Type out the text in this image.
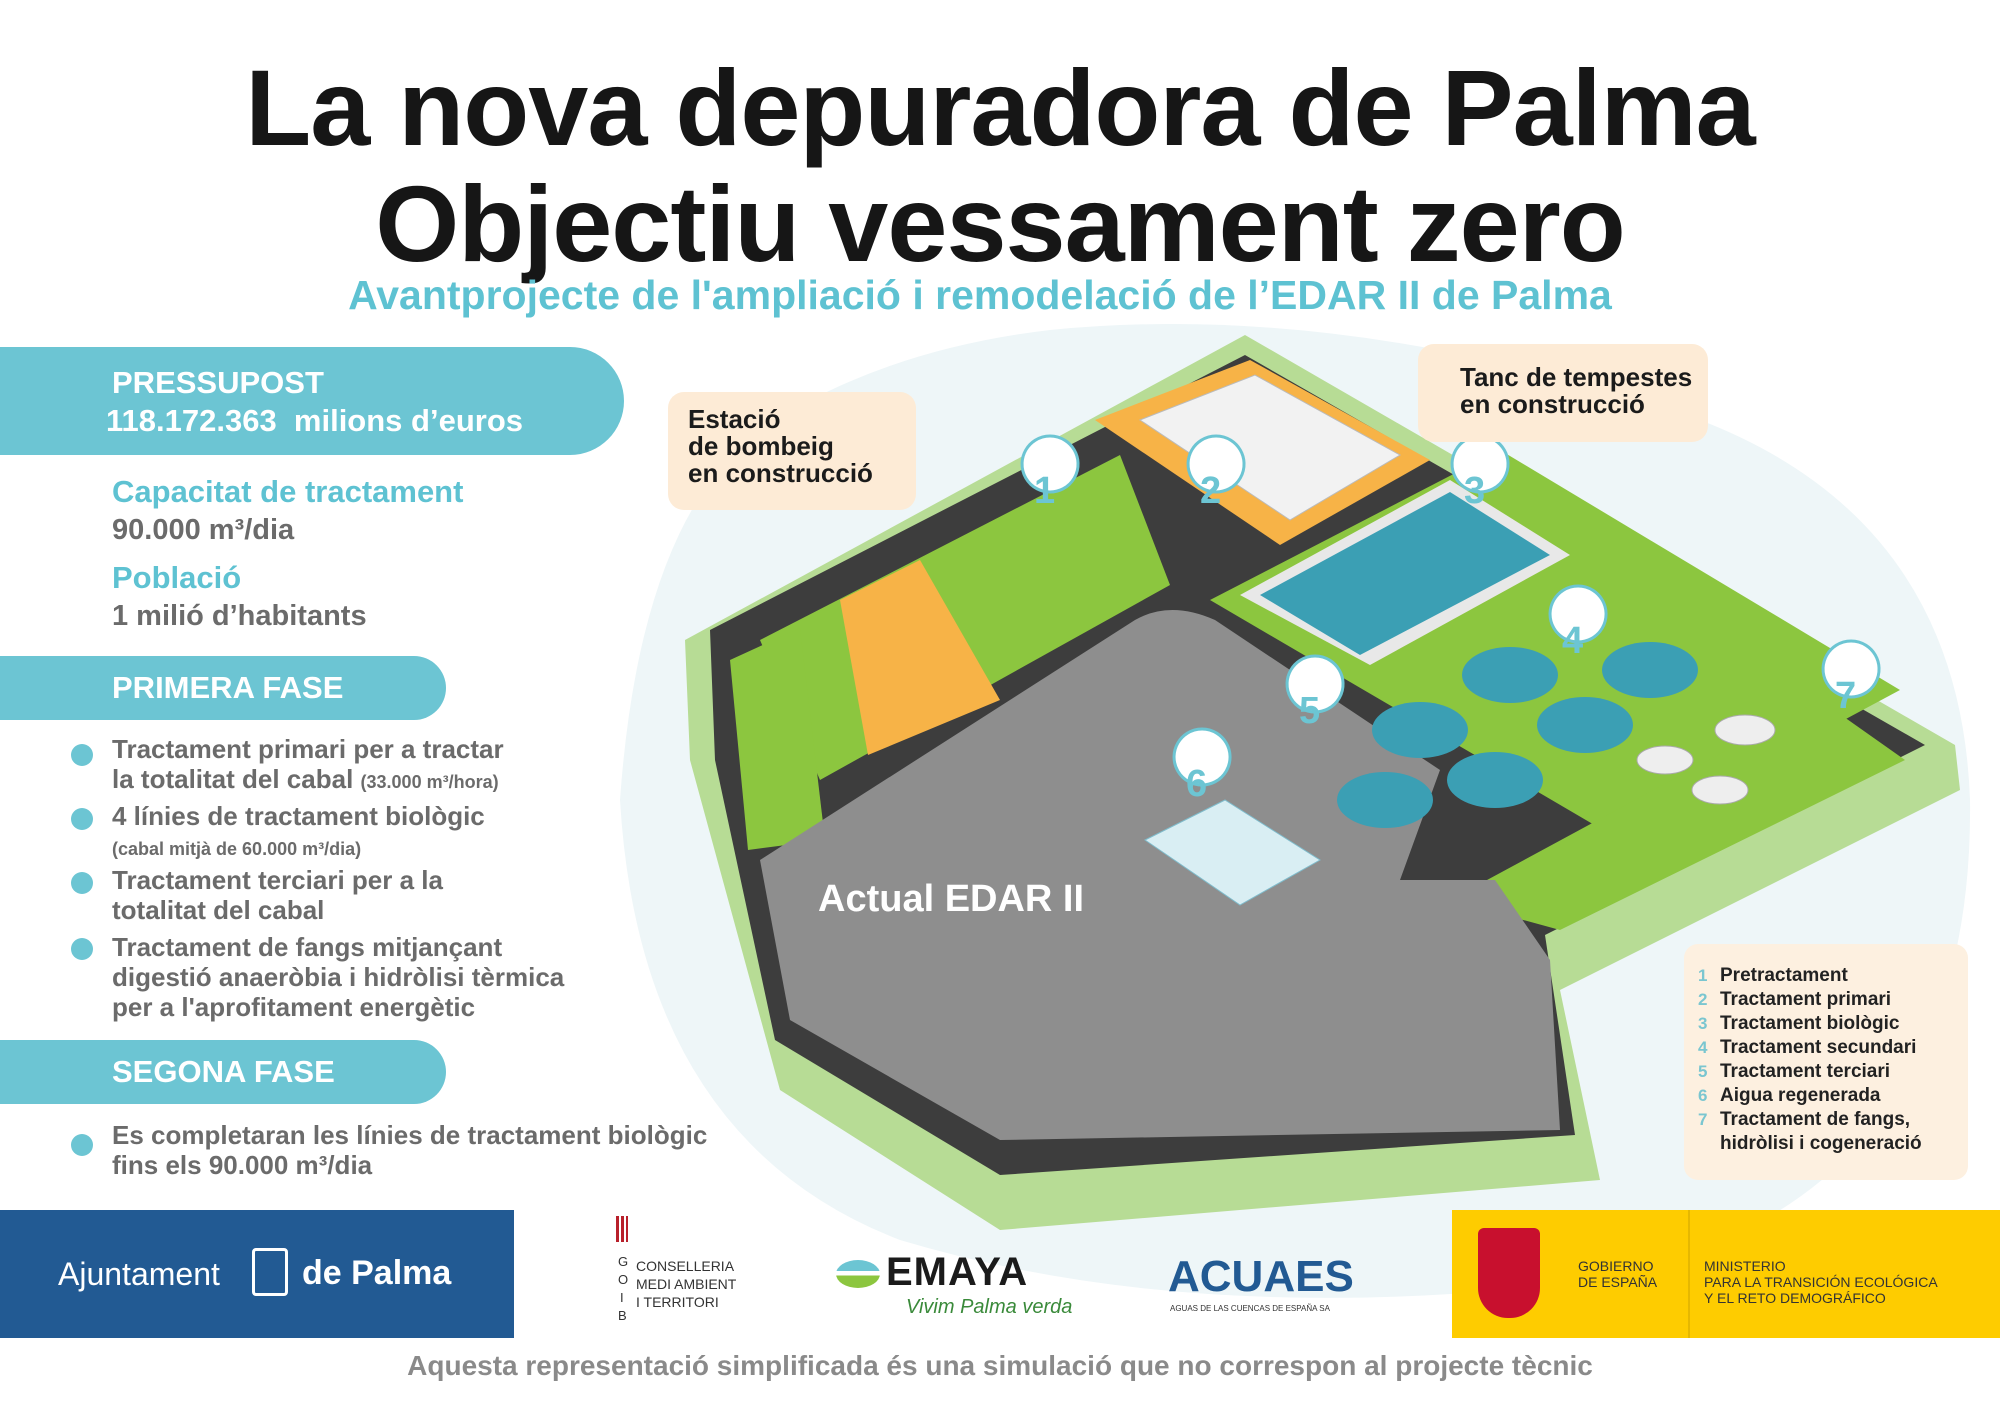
La nova depuradora de Palma
Objectiu vessament zero
Avantprojecte de l'ampliació i remodelació de l’EDAR II de Palma
PRESSUPOST
118.172.363  milions d’euros
Capacitat de tractament
90.000 m³/dia
Població
1 milió d’habitants
PRIMERA FASE
Tractament primari per a tractar
la totalitat del cabal (33.000 m³/hora)
4 línies de tractament biològic
(cabal mitjà de 60.000 m³/dia)
Tractament terciari per a la
totalitat del cabal
Tractament de fangs mitjançant
digestió anaeròbia i hidròlisi tèrmica
per a l'aprofitament energètic
SEGONA FASE
Es completaran les línies de tractament biològic
fins els 90.000 m³/dia
1	2	3
4
5
6
7
Actual EDAR II
Estació
de bombeig
en construcció
Tanc de tempestes
en construcció
1 Pretractament
2 Tractament primari
3 Tractament biològic
4 Tractament secundari
5 Tractament terciari
6 Aigua regenerada
7 Tractament de fangs,
hidròlisi i cogeneració
Ajuntament de Palma	G
O
I
B
CONSELLERIA
MEDI AMBIENT
I TERRITORI
EMAYA
Vivim Palma verda
ACUAES
AGUAS DE LAS CUENCAS DE ESPAÑA SA
GOBIERNO
DE ESPAÑA
MINISTERIO
PARA LA TRANSICIÓN ECOLÓGICA
Y EL RETO DEMOGRÁFICO
Aquesta representació simplificada és una simulació que no correspon al projecte tècnic
